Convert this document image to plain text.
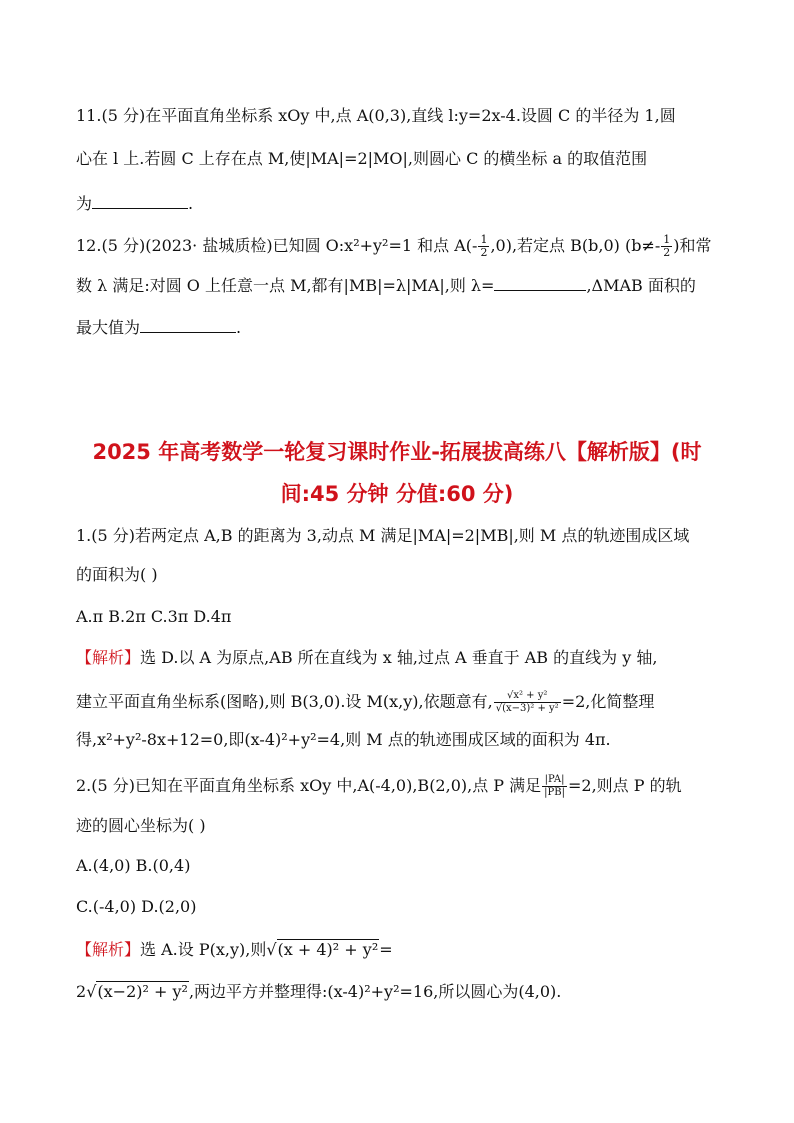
11.(5 分)在平面直角坐标系 xOy 中,点 A(0,3),直线 l:y=2x-4.设圆 C 的半径为 1,圆
心在 l 上.若圆 C 上存在点 M,使|MA|=2|MO|,则圆心 C 的横坐标 a 的取值范围
为	.
12.(5 分)(2023· 盐城质检)已知圆 O:x²+y²=1 和点 $A(- \frac{1}{2} ,0)$,若定点 B(b,0) ($b\ne- \frac{1}{2}$ )和常
数 λ 满足:对圆 O 上任意一点 M,都有|MB|=λ|MA|,则 λ=	,ΔMAB 面积的
最大值为	.
2025 年高考数学一轮复习课时作业-拓展拔高练八【解析版】(时
间:45 分钟 分值:60 分)
1.(5 分)若两定点 A,B 的距离为 3,动点 M 满足|MA|=2|MB|,则 M 点的轨迹围成区域
的面积为( )
A.π B.2π C.3π D.4π
【解析】选 D.以 A 为原点,AB 所在直线为 x 轴,过点 A 垂直于 AB 的直线为 y 轴,
建立平面直角坐标系(图略),则 B(3,0).设 M(x,y),依题意有, $\frac{\text{√x² + y²}}{\text{√(x−3)² + y²}} =2$,化简整理
得,x²+y²-8x+12=0,即(x-4)²+y²=4,则 M 点的轨迹围成区域的面积为 4π.
2.(5 分)已知在平面直角坐标系 xOy 中,A(-4,0),B(2,0),点 P 满足 $\frac{|PA|}{|PB|} =2$,则点 P 的轨
迹的圆心坐标为( )
A.(4,0) B.(0,4)
C.(-4,0) D.(2,0)
【解析】选 A.设 P(x,y),则√(x + 4)² + y²=
2√(x−2)² + y²,两边平方并整理得:(x-4)²+y²=16,所以圆心为(4,0).
